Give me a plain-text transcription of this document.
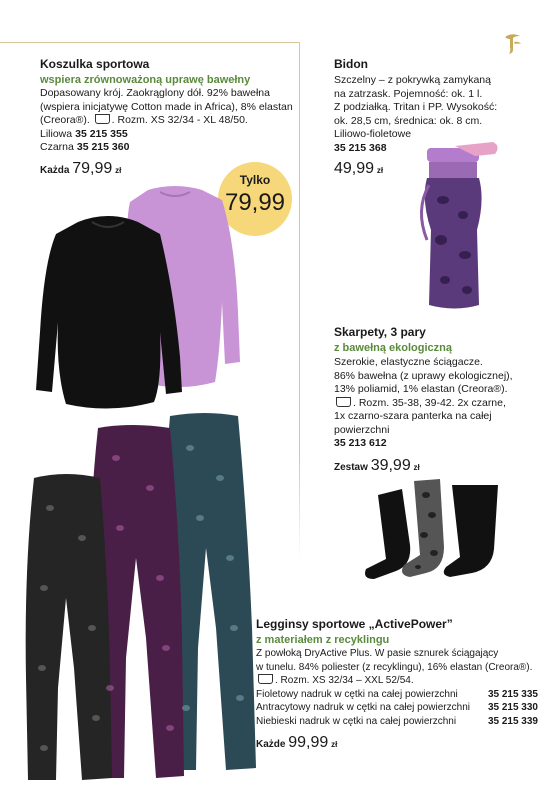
Koszulka sportowa
wspiera zrównoważoną uprawę bawełny
Dopasowany krój. Zaokrąglony dół. 92% bawełna
(wspiera inicjatywę Cotton made in Africa), 8% elastan
(Creora®). . Rozm. XS 32/34 - XL 48/50.
Liliowa 35 215 355
Czarna 35 215 360
Każda 79,99 zł
Tylko
79,99
Bidon
Szczelny – z pokrywką zamykaną
na zatrzask. Pojemność: ok. 1 l.
Z podziałką. Tritan i PP. Wysokość:
ok. 28,5 cm, średnica: ok. 8 cm.
Liliowo-fioletowe
35 215 368
49,99 zł
Skarpety, 3 pary
z bawełną ekologiczną
Szerokie, elastyczne ściągacze.
86% bawełna (z uprawy ekologicznej),
13% poliamid, 1% elastan (Creora®).
. Rozm. 35-38, 39-42. 2x czarne,
1x czarno-szara panterka na całej
powierzchni
35 213 612
Zestaw 39,99 zł
Legginsy sportowe „ActivePower”
z materiałem z recyklingu
Z powłoką DryActive Plus. W pasie sznurek ściągający
w tunelu. 84% poliester (z recyklingu), 16% elastan (Creora®).
. Rozm. XS 32/34 – XXL 52/54.
Fioletowy nadruk w cętki na całej powierzchni	35 215 335
Antracytowy nadruk w cętki na całej powierzchni 35 215 330
Niebieski nadruk w cętki na całej powierzchni	35 215 339
Każde 99,99 zł
